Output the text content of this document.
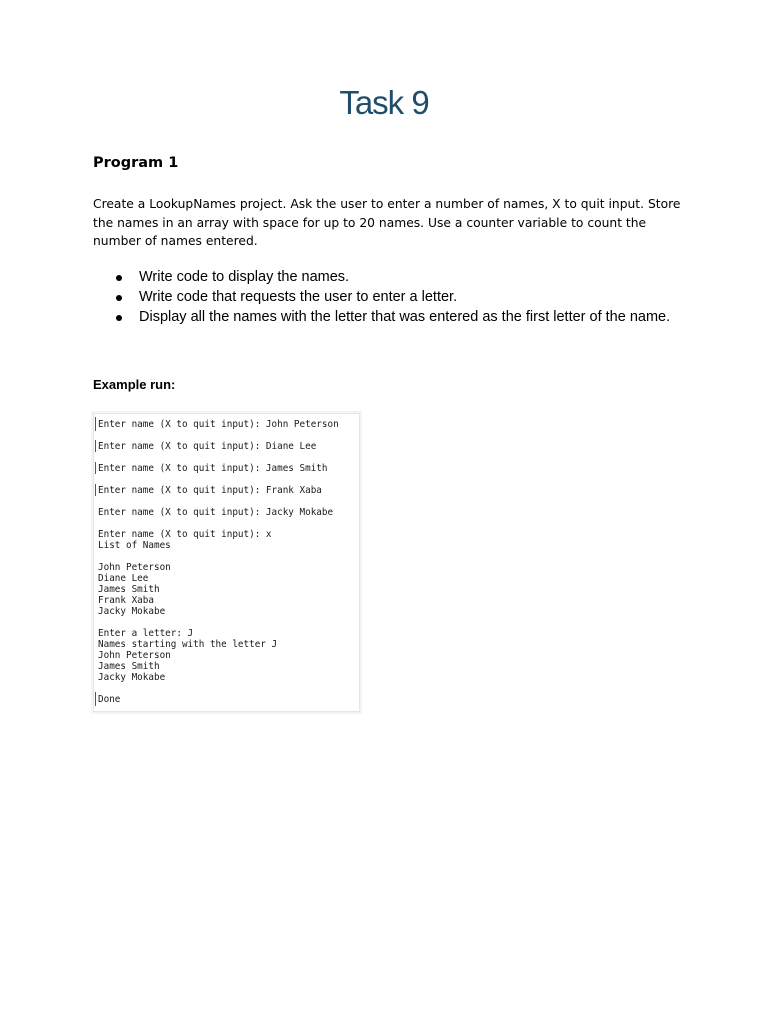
Task 9
Program 1

Create a LookupNames project. Ask the user to enter a number of names, X to quit input. Store the names in an array with space for up to 20 names. Use a counter variable to count the number of names entered.

Write code to display the names.
Write code that requests the user to enter a letter.
Display all the names with the letter that was entered as the first letter of the name.

Example run:

Enter name (X to quit input): John Peterson
Enter name (X to quit input): Diane Lee
Enter name (X to quit input): James Smith
Enter name (X to quit input): Frank Xaba
Enter name (X to quit input): Jacky Mokabe
Enter name (X to quit input): x
List of Names
John Peterson
Diane Lee
James Smith
Frank Xaba
Jacky Mokabe
Enter a letter: J
Names starting with the letter J
John Peterson
James Smith
Jacky Mokabe
Done
